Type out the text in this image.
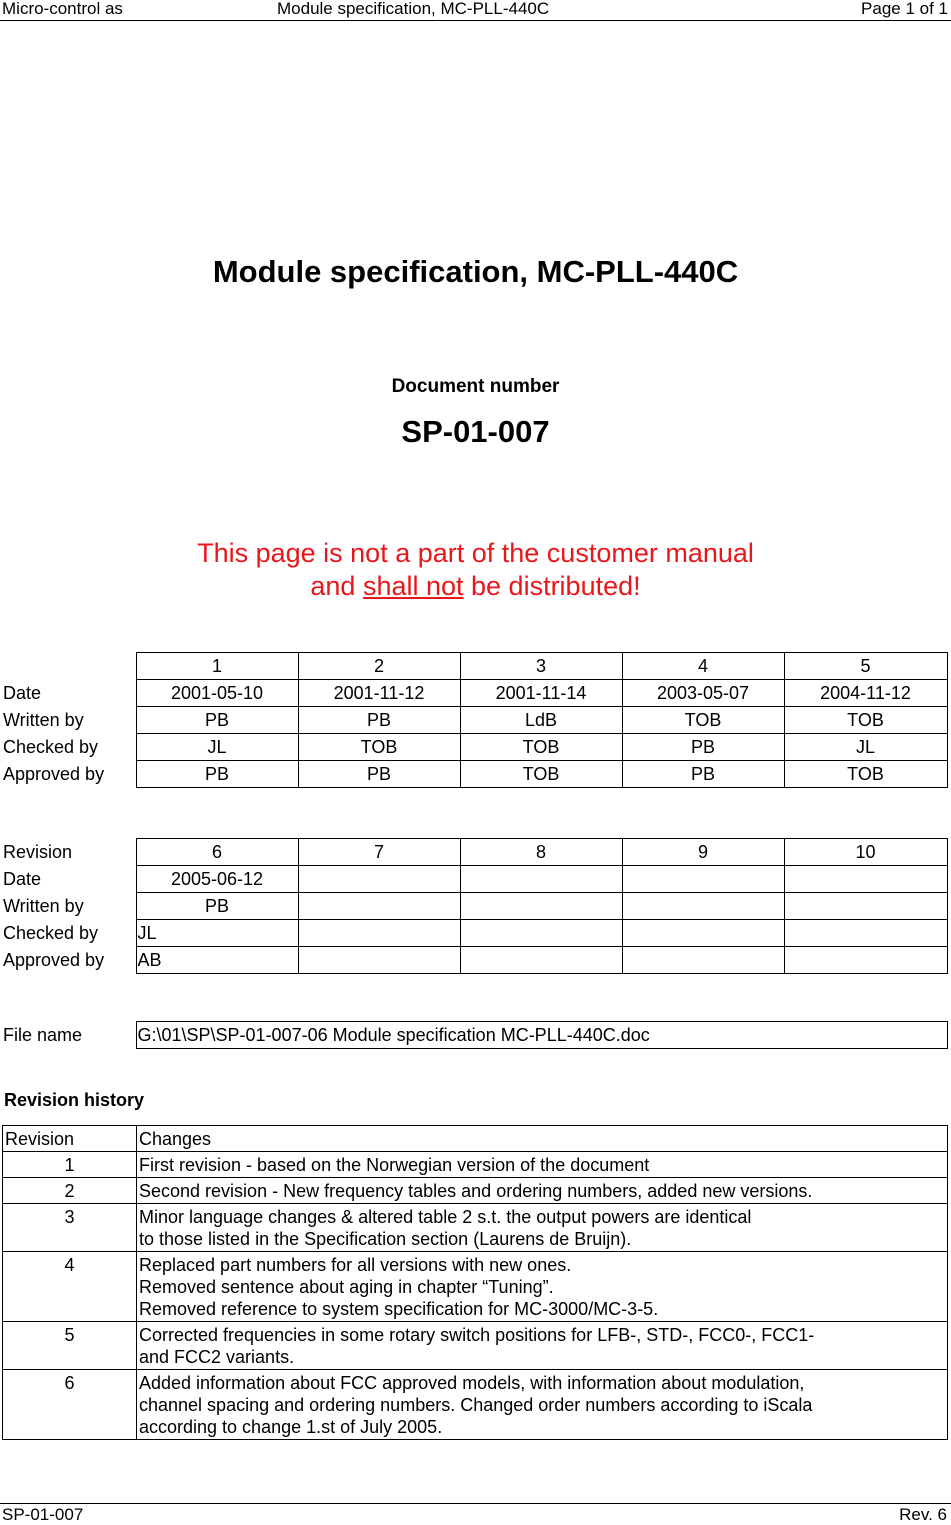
Micro-control as	Module specification, MC-PLL-440C	Page 1 of 1
Module specification, MC-PLL-440C
Document number
SP-01-007
This page is not a part of the customer manual
and shall not be distributed!
	1	2	3	4	5
Date	2001-05-10	2001-11-12	2001-11-14	2003-05-07	2004-11-12
Written by	PB	PB	LdB	TOB	TOB
Checked by	JL	TOB	TOB	PB	JL
Approved by	PB	PB	TOB	PB	TOB
Revision	6	7	8	9	10
Date	2005-06-12				
Written by	PB				
Checked by	JL				
Approved by	AB				
File name	G:\01\SP\SP-01-007-06 Module specification MC-PLL-440C.doc
Revision history
Revision	Changes
1	First revision - based on the Norwegian version of the document
2	Second revision - New frequency tables and ordering numbers, added new versions.
3	Minor language changes & altered table 2 s.t. the output powers are identical
to those listed in the Specification section (Laurens de Bruijn).
4	Replaced part numbers for all versions with new ones.
Removed sentence about aging in chapter “Tuning”.
Removed reference to system specification for MC-3000/MC-3-5.
5	Corrected frequencies in some rotary switch positions for LFB-, STD-, FCC0-, FCC1-
and FCC2 variants.
6	Added information about FCC approved models, with information about modulation,
channel spacing and ordering numbers. Changed order numbers according to iScala
according to change 1.st of July 2005.
SP-01-007	Rev. 6
